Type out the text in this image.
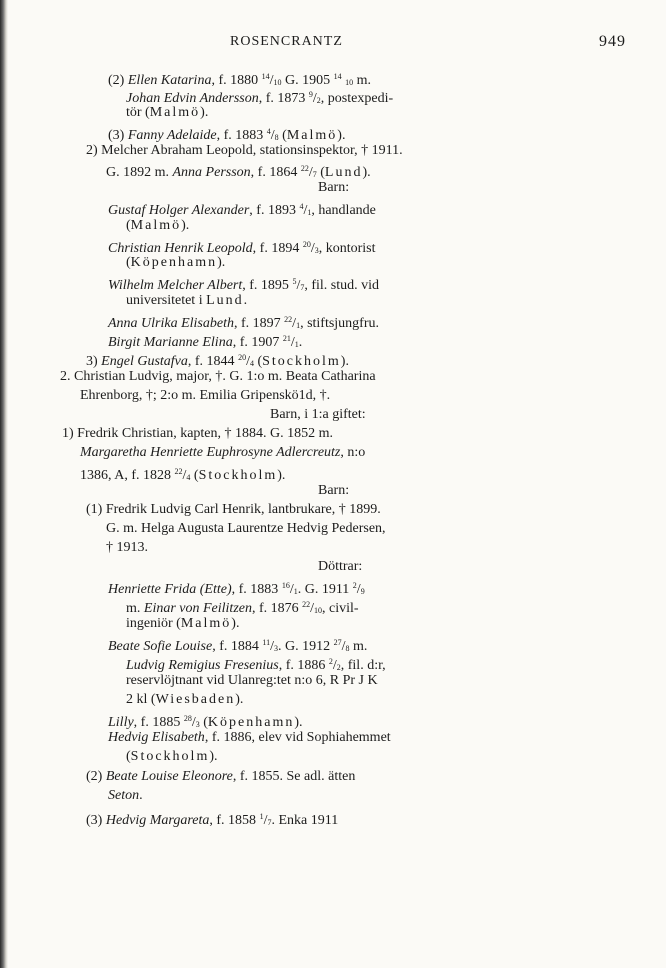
ROSENCRANTZ	949
(2) Ellen Katarina, f. 1880 $^{14}/_{10}$ G. 1905 $^{14}$ $_{10}$ m.
Johan Edvin Andersson, f. 1873 $^9/_2$, postexpedi-
tör (Malmö).
(3) Fanny Adelaide, f. 1883 $^4/_8$ (Malmö).
2) Melcher Abraham Leopold, stationsinspektor, † 1911.
G. 1892 m. Anna Persson, f. 1864 $^{22}/_7$ (Lund).
Barn:
Gustaf Holger Alexander, f. 1893 $^4/_1$, handlande
(Malmö).
Christian Henrik Leopold, f. 1894 $^{20}/_3$, kontorist
(Köpenhamn).
Wilhelm Melcher Albert, f. 1895 $^5/_7$, fil. stud. vid
universitetet i Lund.
Anna Ulrika Elisabeth, f. 1897 $^{22}/_1$, stiftsjungfru.
Birgit Marianne Elina, f. 1907 $^{21}/_1$.
3) Engel Gustafva, f. 1844 $^{20}/_4$ (Stockholm).
2. Christian Ludvig, major, †. G. 1:o m. Beata Catharina
Ehrenborg, †; 2:o m. Emilia Gripenskö1d, †.
Barn, i 1:a giftet:
1) Fredrik Christian, kapten, † 1884. G. 1852 m.
Margaretha Henriette Euphrosyne Adlercreutz, n:o
1386, A, f. 1828 $^{22}/_4$ (Stockholm).
Barn:
(1) Fredrik Ludvig Carl Henrik, lantbrukare, † 1899.
G. m. Helga Augusta Laurentze Hedvig Pedersen,
† 1913.
Döttrar:
Henriette Frida (Ette), f. 1883 $^{16}/_1$. G. 1911 $^2/_9$
m. Einar von Feilitzen, f. 1876 $^{22}/_{10}$, civil-
ingeniör (Malmö).
Beate Sofie Louise, f. 1884 $^{11}/_3$. G. 1912 $^{27}/_8$ m.
Ludvig Remigius Fresenius, f. 1886 $^2/_2$, fil. d:r,
reservlöjtnant vid Ulanreg:tet n:o 6, R Pr J K
2 kl (Wiesbaden).
Lilly, f. 1885 $^{28}/_3$ (Köpenhamn).
Hedvig Elisabeth, f. 1886, elev vid Sophiahemmet
(Stockholm).
(2) Beate Louise Eleonore, f. 1855. Se adl. ätten
Seton.
(3) Hedvig Margareta, f. 1858 $^1/_7$. Enka 1911
